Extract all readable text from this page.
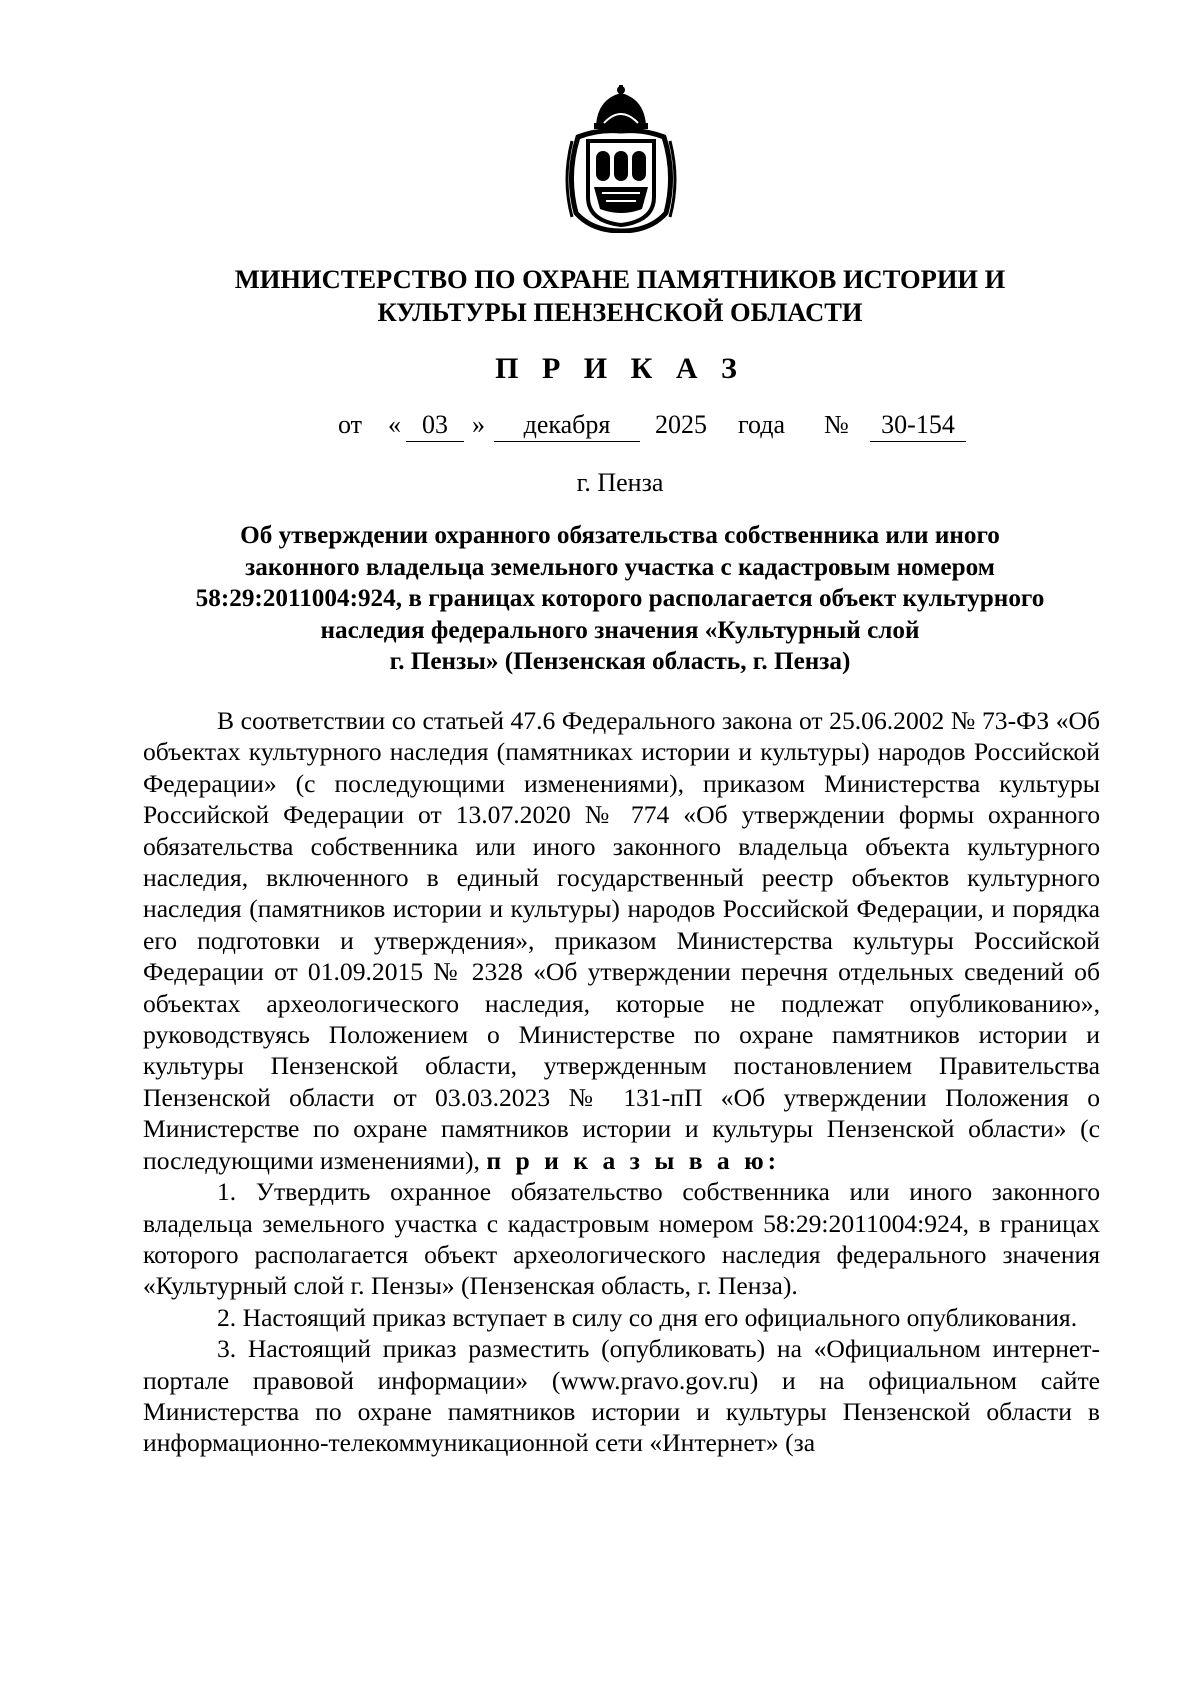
МИНИСТЕРСТВО ПО ОХРАНЕ ПАМЯТНИКОВ ИСТОРИИ И
КУЛЬТУРЫ ПЕНЗЕНСКОЙ ОБЛАСТИ
П Р И К А З
от « 03 »	декабря	2025 года №	30-154
г. Пенза
Об утверждении охранного обязательства собственника или иного
законного владельца земельного участка с кадастровым номером
58:29:2011004:924, в границах которого располагается объект культурного
наследия федерального значения «Культурный слой
г. Пензы» (Пензенская область, г. Пенза)

В соответствии со статьей 47.6 Федерального закона от 25.06.2002 № 73-ФЗ «Об объектах культурного наследия (памятниках истории и культуры) народов Российской Федерации» (с последующими изменениями), приказом Министерства культуры Российской Федерации от 13.07.2020 № 774 «Об утверждении формы охранного обязательства собственника или иного законного владельца объекта культурного наследия, включенного в единый государственный реестр объектов культурного наследия (памятников истории и культуры) народов Российской Федерации, и порядка его подготовки и утверждения», приказом Министерства культуры Российской Федерации от 01.09.2015 № 2328 «Об утверждении перечня отдельных сведений об объектах археологического наследия, которые не подлежат опубликованию», руководствуясь Положением о Министерстве по охране памятников истории и культуры Пензенской области, утвержденным постановлением Правительства Пензенской области от 03.03.2023 № 131-пП «Об утверждении Положения о Министерстве по охране памятников истории и культуры Пензенской области» (с последующими изменениями), п р и к а з ы в а ю:

1. Утвердить охранное обязательство собственника или иного законного владельца земельного участка с кадастровым номером 58:29:2011004:924, в границах которого располагается объект археологического наследия федерального значения «Культурный слой г. Пензы» (Пензенская область, г. Пенза).

2. Настоящий приказ вступает в силу со дня его официального опубликования.

3. Настоящий приказ разместить (опубликовать) на «Официальном интернет-портале правовой информации» (www.pravo.gov.ru) и на официальном сайте Министерства по охране памятников истории и культуры Пензенской области в информационно-телекоммуникационной сети «Интернет» (за
